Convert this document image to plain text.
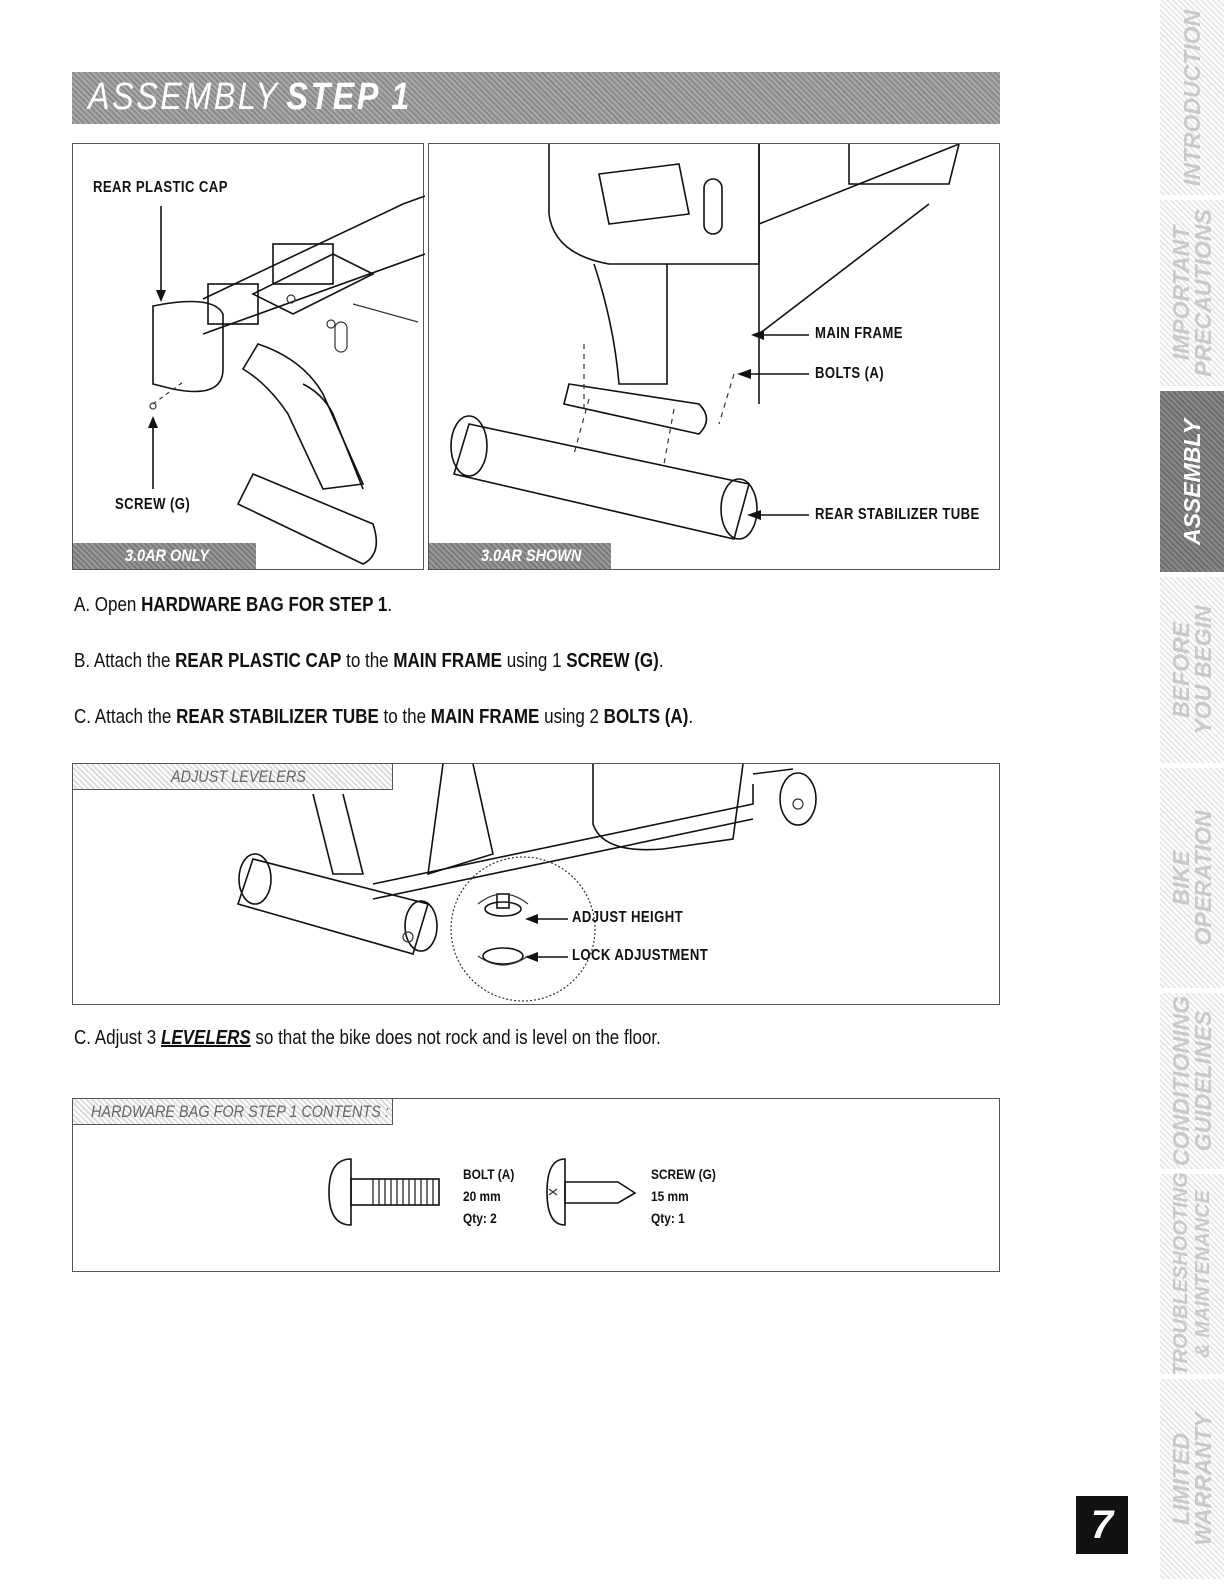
ASSEMBLY STEP 1
REAR PLASTIC CAP
SCREW (G)
3.0AR ONLY
MAIN FRAME
BOLTS (A)
REAR STABILIZER TUBE
3.0AR SHOWN
A. Open HARDWARE BAG FOR STEP 1.
B. Attach the REAR PLASTIC CAP to the MAIN FRAME using 1 SCREW (G).
C. Attach the REAR STABILIZER TUBE to the MAIN FRAME using 2 BOLTS (A).
ADJUST LEVELERS
ADJUST HEIGHT
LOCK ADJUSTMENT
C. Adjust 3 LEVELERS so that the bike does not rock and is level on the floor.
HARDWARE BAG FOR STEP 1 CONTENTS :
BOLT (A)
20 mm
Qty: 2
SCREW (G)
15 mm
Qty: 1
INTRODUCTION
IMPORTANT
PRECAUTIONS
ASSEMBLY
BEFORE
YOU BEGIN
BIKE
OPERATION
CONDITIONING
GUIDELINES
TROUBLESHOOTING
& MAINTENANCE
LIMITED
WARRANTY
7
